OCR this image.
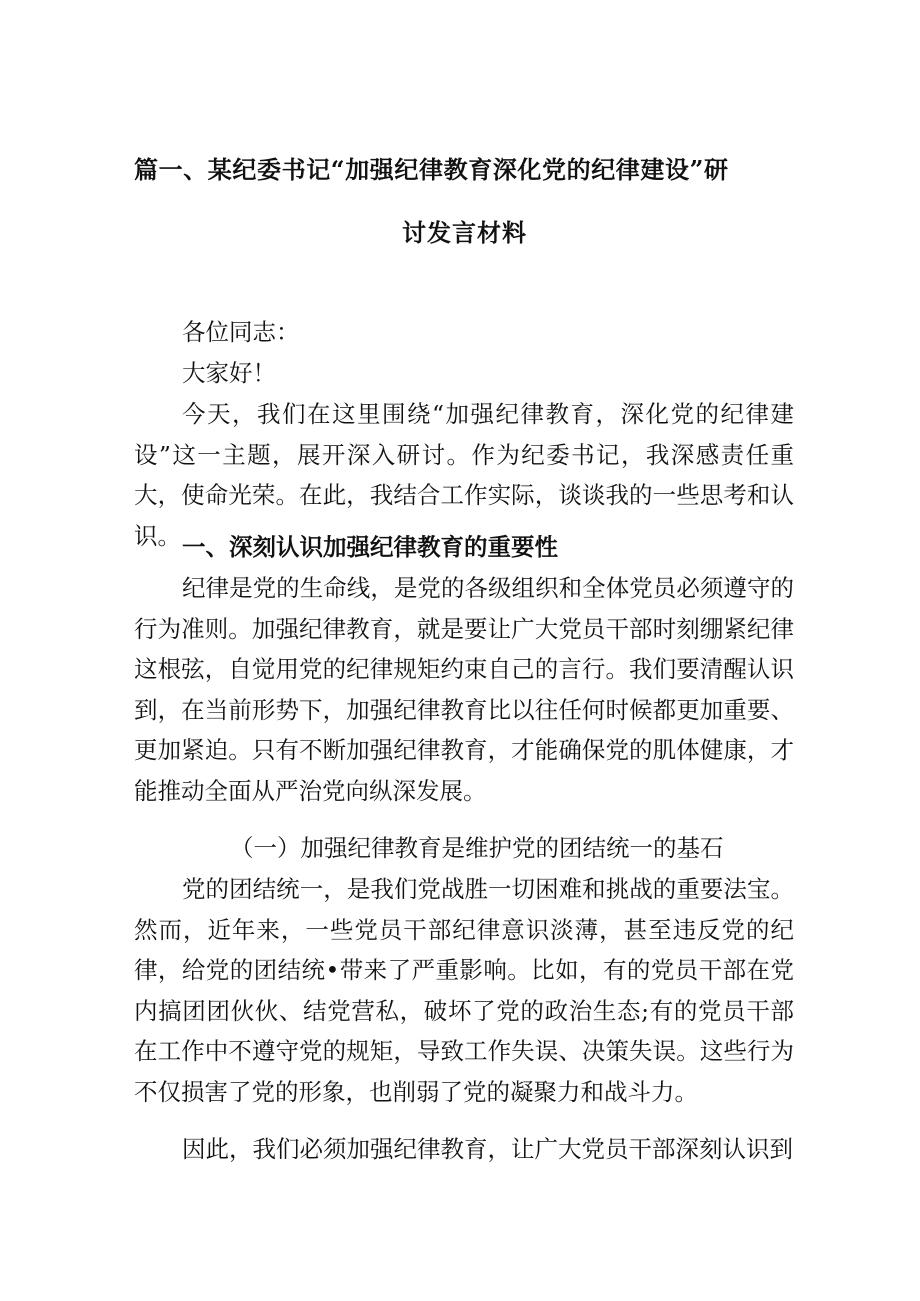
篇一、某纪委书记“加强纪律教育深化党的纪律建设”研
讨发言材料

各位同志：

大家好！

今天，我们在这里围绕“加强纪律教育，深化党的纪律建设”这一主题，展开深入研讨。作为纪委书记，我深感责任重大，使命光荣。在此，我结合工作实际，谈谈我的一些思考和认识。 一、深刻认识加强纪律教育的重要性

纪律是党的生命线，是党的各级组织和全体党员必须遵守的行为准则。加强纪律教育，就是要让广大党员干部时刻绷紧纪律这根弦，自觉用党的纪律规矩约束自己的言行。我们要清醒认识到，在当前形势下，加强纪律教育比以往任何时候都更加重要、更加紧迫。只有不断加强纪律教育，才能确保党的肌体健康，才能推动全面从严治党向纵深发展。

（一）加强纪律教育是维护党的团结统一的基石

党的团结统一，是我们党战胜一切困难和挑战的重要法宝。然而，近年来，一些党员干部纪律意识淡薄，甚至违反党的纪律，给党的团结统•带来了严重影响。比如，有的党员干部在党内搞团团伙伙、结党营私，破坏了党的政治生态;有的党员干部在工作中不遵守党的规矩，导致工作失误、决策失误。这些行为不仅损害了党的形象，也削弱了党的凝聚力和战斗力。

因此，我们必须加强纪律教育，让广大党员干部深刻认识到
